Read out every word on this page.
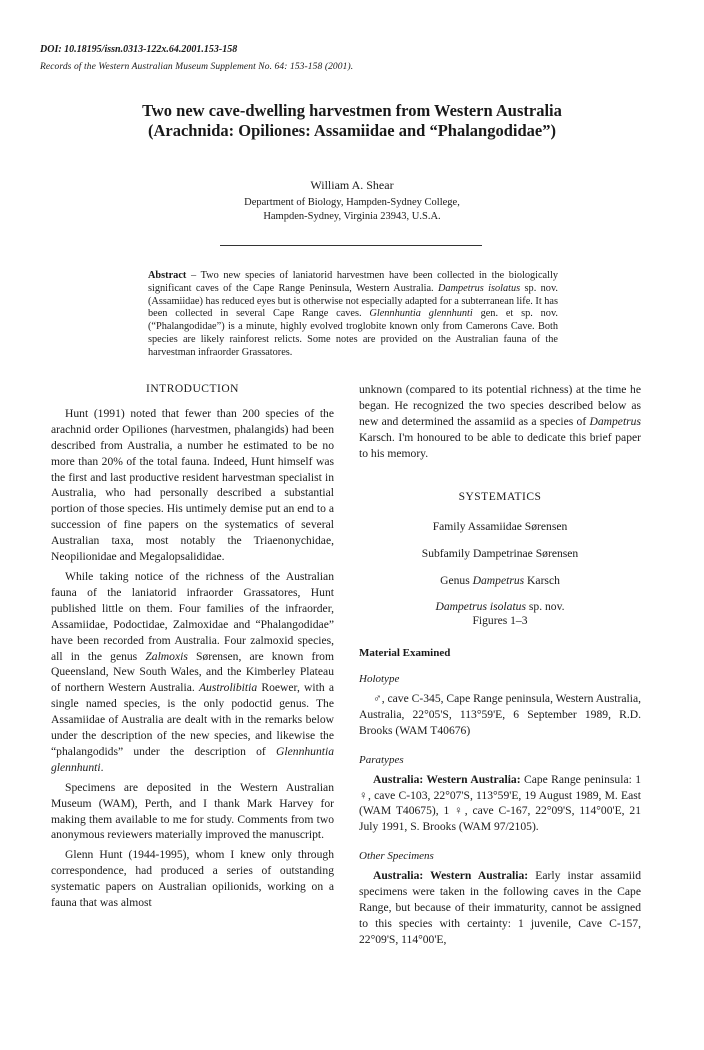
DOI: 10.18195/issn.0313-122x.64.2001.153-158
Records of the Western Australian Museum Supplement No. 64: 153-158 (2001).
Two new cave-dwelling harvestmen from Western Australia
(Arachnida: Opiliones: Assamiidae and “Phalangodidae”)
William A. Shear
Department of Biology, Hampden-Sydney College,
Hampden-Sydney, Virginia 23943, U.S.A.
Abstract – Two new species of laniatorid harvestmen have been collected in the biologically significant caves of the Cape Range Peninsula, Western Australia. Dampetrus isolatus sp. nov. (Assamiidae) has reduced eyes but is otherwise not especially adapted for a subterranean life. It has been collected in several Cape Range caves. Glennhuntia glennhunti gen. et sp. nov. (“Phalangodidae”) is a minute, highly evolved troglobite known only from Camerons Cave. Both species are likely rainforest relicts. Some notes are provided on the Australian fauna of the harvestman infraorder Grassatores.
INTRODUCTION

Hunt (1991) noted that fewer than 200 species of the arachnid order Opiliones (harvestmen, phalangids) had been described from Australia, a number he estimated to be no more than 20% of the total fauna. Indeed, Hunt himself was the first and last productive resident harvestman specialist in Australia, who had personally described a substantial portion of those species. His untimely demise put an end to a succession of fine papers on the systematics of several Australian taxa, most notably the Triaenonychidae, Neopilionidae and Megalopsalididae.

While taking notice of the richness of the Australian fauna of the laniatorid infraorder Grassatores, Hunt published little on them. Four families of the infraorder, Assamiidae, Podoctidae, Zalmoxidae and “Phalangodidae” have been recorded from Australia. Four zalmoxid species, all in the genus Zalmoxis Sørensen, are known from Queensland, New South Wales, and the Kimberley Plateau of northern Western Australia. Austrolibitia Roewer, with a single named species, is the only podoctid genus. The Assamiidae of Australia are dealt with in the remarks below under the description of the new species, and likewise the “phalangodids” under the description of Glennhuntia glennhunti.

Specimens are deposited in the Western Australian Museum (WAM), Perth, and I thank Mark Harvey for making them available to me for study. Comments from two anonymous reviewers materially improved the manuscript.

Glenn Hunt (1944-1995), whom I knew only through correspondence, had produced a series of outstanding systematic papers on Australian opilionids, working on a fauna that was almost

unknown (compared to its potential richness) at the time he began. He recognized the two species described below as new and determined the assamiid as a species of Dampetrus Karsch. I'm honoured to be able to dedicate this brief paper to his memory.

SYSTEMATICS
Family Assamiidae Sørensen
Subfamily Dampetrinae Sørensen
Genus Dampetrus Karsch
Dampetrus isolatus sp. nov.
Figures 1–3
Material Examined
Holotype

♂, cave C-345, Cape Range peninsula, Western Australia, Australia, 22°05'S, 113°59'E, 6 September 1989, R.D. Brooks (WAM T40676)

Paratypes

Australia: Western Australia: Cape Range peninsula: 1 ♀, cave C-103, 22°07'S, 113°59'E, 19 August 1989, M. East (WAM T40675), 1 ♀, cave C-167, 22°09'S, 114°00'E, 21 July 1991, S. Brooks (WAM 97/2105).

Other Specimens

Australia: Western Australia: Early instar assamiid specimens were taken in the following caves in the Cape Range, but because of their immaturity, cannot be assigned to this species with certainty: 1 juvenile, Cave C-157, 22°09'S, 114°00'E,
